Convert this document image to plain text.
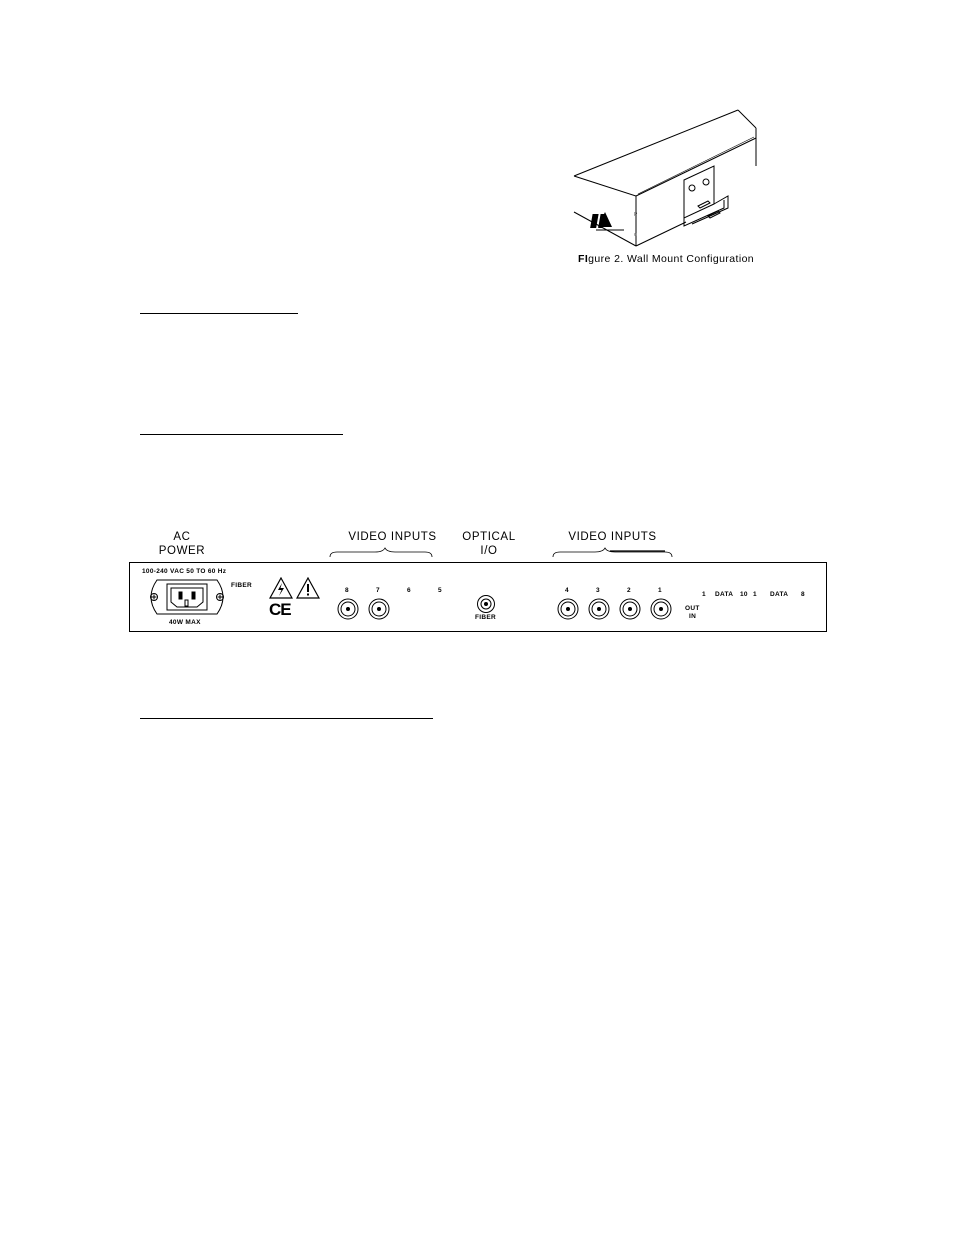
P
o
FIgure 2. Wall Mount Configuration
AC
POWER
VIDEO INPUTS	OPTICAL
I/O
VIDEO INPUTS
100-240 VAC 50 TO 60 Hz
FIBER
40W MAX
CE
8	7	6	5
FIBER
4	3	2	1
1 DATA 10 1 DATA 8
OUT
IN
